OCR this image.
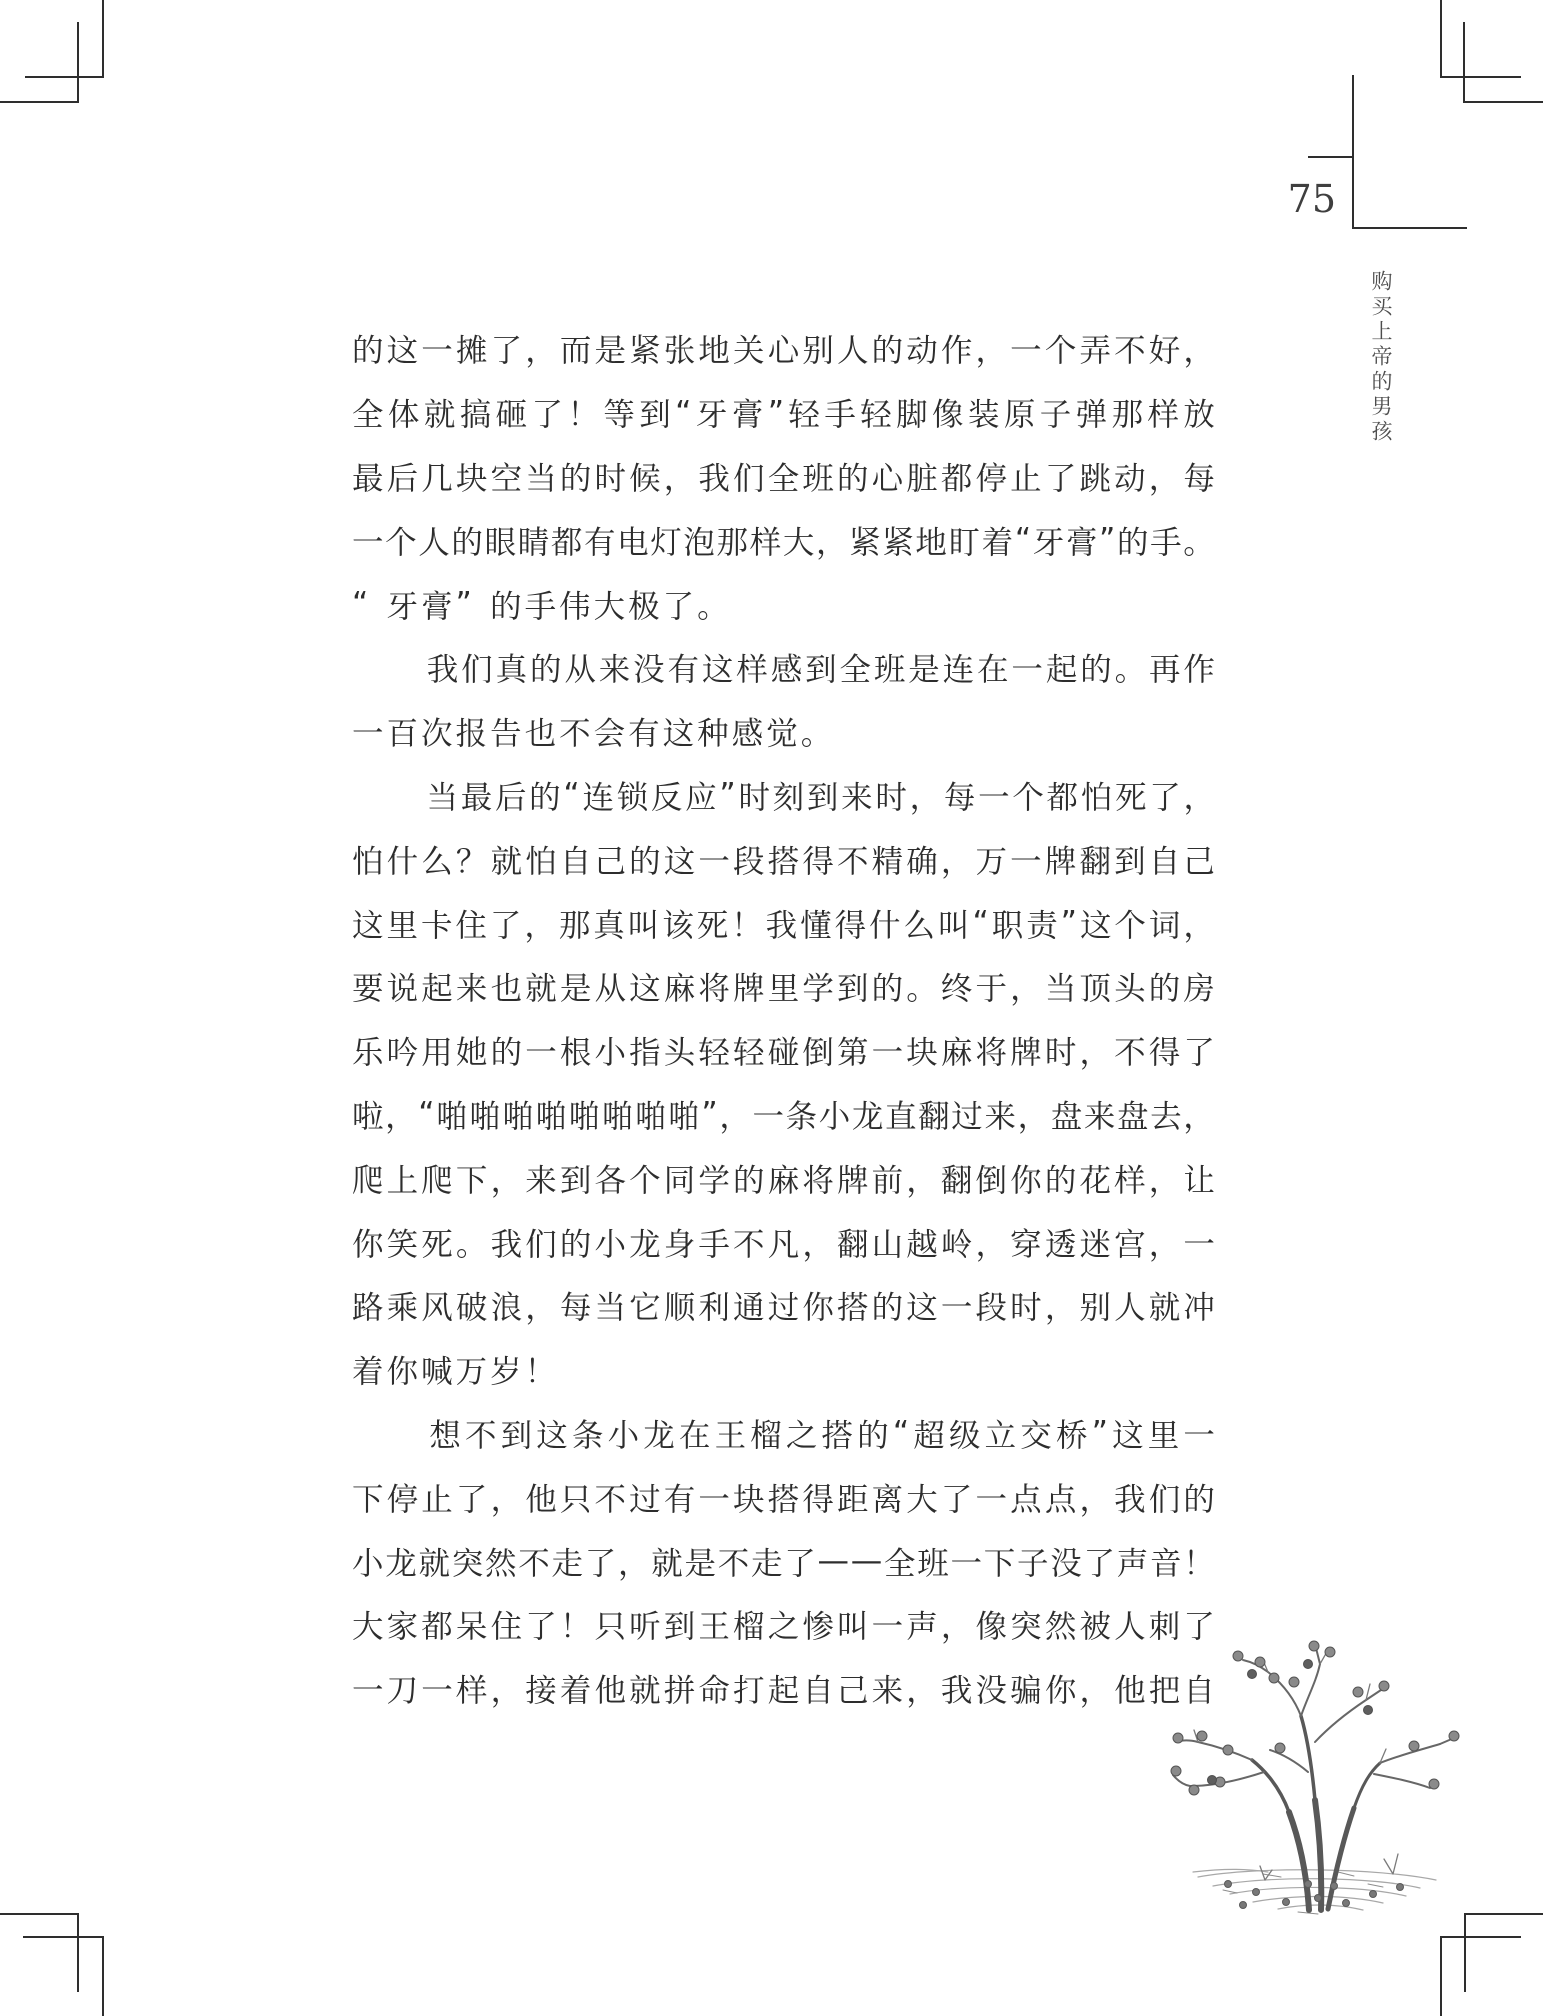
75
购买上帝的男孩
的 这 一 摊 了 ， 而 是 紧 张 地 关 心 别 人 的 动 作 ， 一 个 弄 不 好 ，
全 体 就 搞 砸 了 ！ 等 到 “ 牙 膏 ” 轻 手 轻 脚 像 装 原 子 弹 那 样 放
最 后 几 块 空 当 的 时 候 ， 我 们 全 班 的 心 脏 都 停 止 了 跳 动 ， 每
一 个 人 的 眼 睛 都 有 电 灯 泡 那 样 大 ， 紧 紧 地 盯 着 “ 牙 膏 ” 的 手 。
“ 牙 膏 ” 的 手 伟 大 极 了 。

我 们 真 的 从 来 没 有 这 样 感 到 全 班 是 连 在 一 起 的 。 再 作
一 百 次 报 告 也 不 会 有 这 种 感 觉 。

当 最 后 的 “ 连 锁 反 应 ” 时 刻 到 来 时 ， 每 一 个 都 怕 死 了 ，
怕 什 么 ？ 就 怕 自 己 的 这 一 段 搭 得 不 精 确 ， 万 一 牌 翻 到 自 己
这 里 卡 住 了 ， 那 真 叫 该 死 ！ 我 懂 得 什 么 叫 “ 职 责 ” 这 个 词 ，
要 说 起 来 也 就 是 从 这 麻 将 牌 里 学 到 的 。 终 于 ， 当 顶 头 的 房
乐 吟 用 她 的 一 根 小 指 头 轻 轻 碰 倒 第 一 块 麻 将 牌 时 ， 不 得 了
啦 ， “ 啪 啪 啪 啪 啪 啪 啪 啪 ” ， 一 条 小 龙 直 翻 过 来 ， 盘 来 盘 去 ，
爬 上 爬 下 ， 来 到 各 个 同 学 的 麻 将 牌 前 ， 翻 倒 你 的 花 样 ， 让
你 笑 死 。 我 们 的 小 龙 身 手 不 凡 ， 翻 山 越 岭 ， 穿 透 迷 宫 ， 一
路 乘 风 破 浪 ， 每 当 它 顺 利 通 过 你 搭 的 这 一 段 时 ， 别 人 就 冲
着 你 喊 万 岁 ！

想 不 到 这 条 小 龙 在 王 榴 之 搭 的 “ 超 级 立 交 桥 ” 这 里 一
下 停 止 了 ， 他 只 不 过 有 一 块 搭 得 距 离 大 了 一 点 点 ， 我 们 的
小 龙 就 突 然 不 走 了 ， 就 是 不 走 了 — — 全 班 一 下 子 没 了 声 音 ！
大 家 都 呆 住 了 ！ 只 听 到 王 榴 之 惨 叫 一 声 ， 像 突 然 被 人 刺 了
一 刀 一 样 ， 接 着 他 就 拼 命 打 起 自 己 来 ， 我 没 骗 你 ， 他 把 自
